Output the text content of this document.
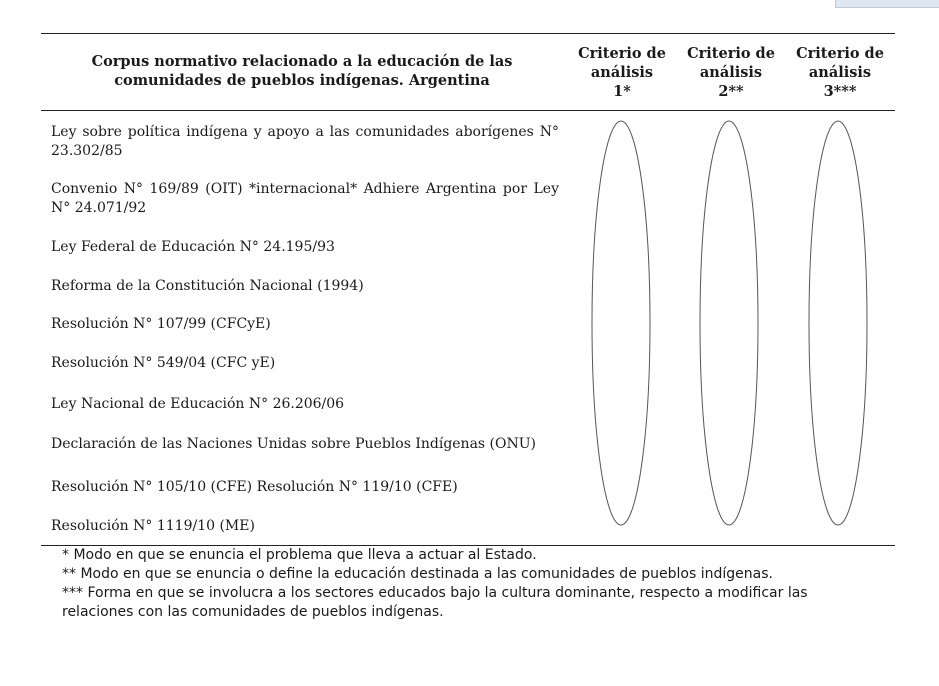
Corpus normativo relacionado a la educación de las comunidades de pueblos indígenas. Argentina
Criterio de
análisis
1*
Criterio de
análisis
2**
Criterio de
análisis
3***
Ley sobre política indígena y apoyo a las comunidades aborígenes N° 23.302/85
Convenio N° 169/89 (OIT) *internacional* Adhiere Argentina por Ley N° 24.071/92
Ley Federal de Educación N° 24.195/93
Reforma de la Constitución Nacional (1994)
Resolución N° 107/99 (CFCyE)
Resolución N° 549/04 (CFC yE)
Ley Nacional de Educación N° 26.206/06
Declaración de las Naciones Unidas sobre Pueblos Indígenas (ONU)
Resolución N° 105/10 (CFE) Resolución N° 119/10 (CFE)
Resolución N° 1119/10 (ME)

* Modo en que se enuncia el problema que lleva a actuar al Estado.

** Modo en que se enuncia o define la educación destinada a las comunidades de pueblos indígenas.

*** Forma en que se involucra a los sectores educados bajo la cultura dominante, respecto a modificar las relaciones con las comunidades de pueblos indígenas.
